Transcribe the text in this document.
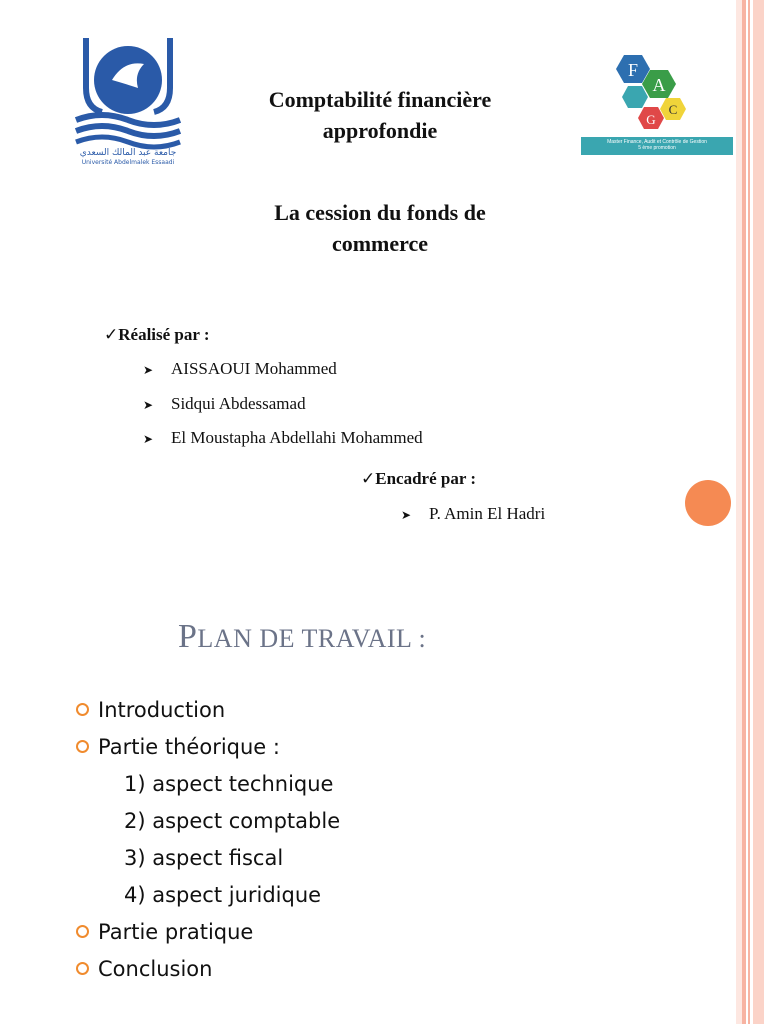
جامعة عبد المالك السعدي
Université Abdelmalek Essaadi
F
A
G
C
Master Finance, Audit et Contrôle de Gestion
5 ème promotion
Comptabilité financière
approfondie
La cession du fonds de
commerce
✓Réalisé par :
➤ AISSAOUI Mohammed
➤ Sidqui Abdessamad
➤ El Moustapha Abdellahi Mohammed
✓Encadré par :
➤ P. Amin El Hadri
PLAN DE TRAVAIL :
Introduction
Partie théorique :
1) aspect technique
2) aspect comptable
3) aspect fiscal
4) aspect juridique
Partie pratique
Conclusion
